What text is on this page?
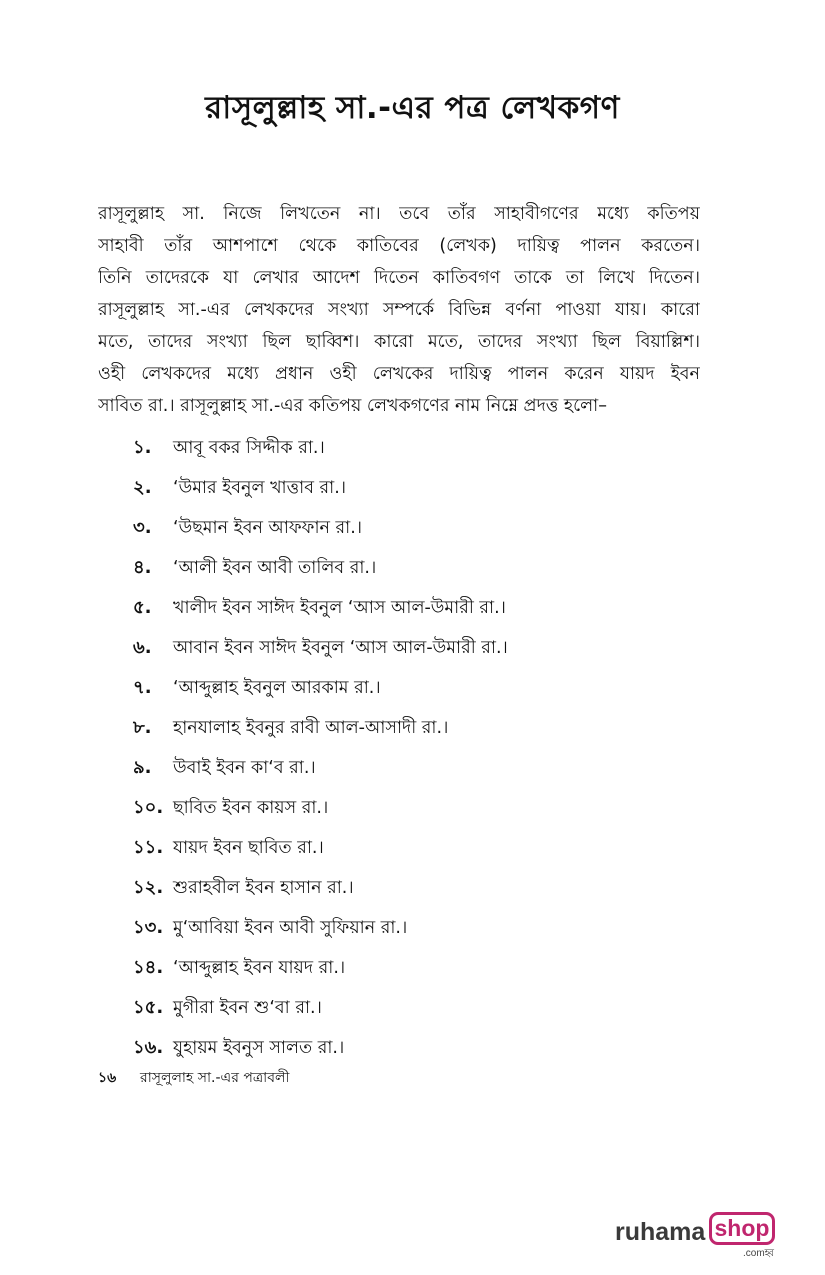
রাসূলুল্লাহ সা.-এর পত্র লেখকগণ
রাসূলুল্লাহ সা. নিজে লিখতেন না। তবে তাঁর সাহাবীগণের মধ্যে কতিপয়
সাহাবী তাঁর আশপাশে থেকে কাতিবের (লেখক) দায়িত্ব পালন করতেন।
তিনি তাদেরকে যা লেখার আদেশ দিতেন কাতিবগণ তাকে তা লিখে দিতেন।
রাসূলুল্লাহ সা.-এর লেখকদের সংখ্যা সম্পর্কে বিভিন্ন বর্ণনা পাওয়া যায়। কারো
মতে, তাদের সংখ্যা ছিল ছাব্বিশ। কারো মতে, তাদের সংখ্যা ছিল বিয়াল্লিশ।
ওহী লেখকদের মধ্যে প্রধান ওহী লেখকের দায়িত্ব পালন করেন যায়দ ইবন
সাবিত রা.। রাসূলুল্লাহ সা.-এর কতিপয় লেখকগণের নাম নিম্নে প্রদত্ত হলো–
১.	আবূ বকর সিদ্দীক রা.।
২.	‘উমার ইবনুল খাত্তাব রা.।
৩.	‘উছমান ইবন আফফান রা.।
৪.	‘আলী ইবন আবী তালিব রা.।
৫.	খালীদ ইবন সাঈদ ইবনুল ‘আস আল-উমারী রা.।
৬.	আবান ইবন সাঈদ ইবনুল ‘আস আল-উমারী রা.।
৭.	‘আব্দুল্লাহ ইবনুল আরকাম রা.।
৮.	হানযালাহ ইবনুর রাবী আল-আসাদী রা.।
৯.	উবাই ইবন কা‘ব রা.।
১০. ছাবিত ইবন কায়স রা.।
১১. যায়দ ইবন ছাবিত রা.।
১২. শুরাহবীল ইবন হাসান রা.।
১৩. মু‘আবিয়া ইবন আবী সুফিয়ান রা.।
১৪. ‘আব্দুল্লাহ ইবন যায়দ রা.।
১৫. মুগীরা ইবন শু‘বা রা.।
১৬. যুহায়ম ইবনুস সালত রা.।
১৬ রাসূলুলাহ সা.-এর পত্রাবলী
ruhama shop
.comহ্ব
